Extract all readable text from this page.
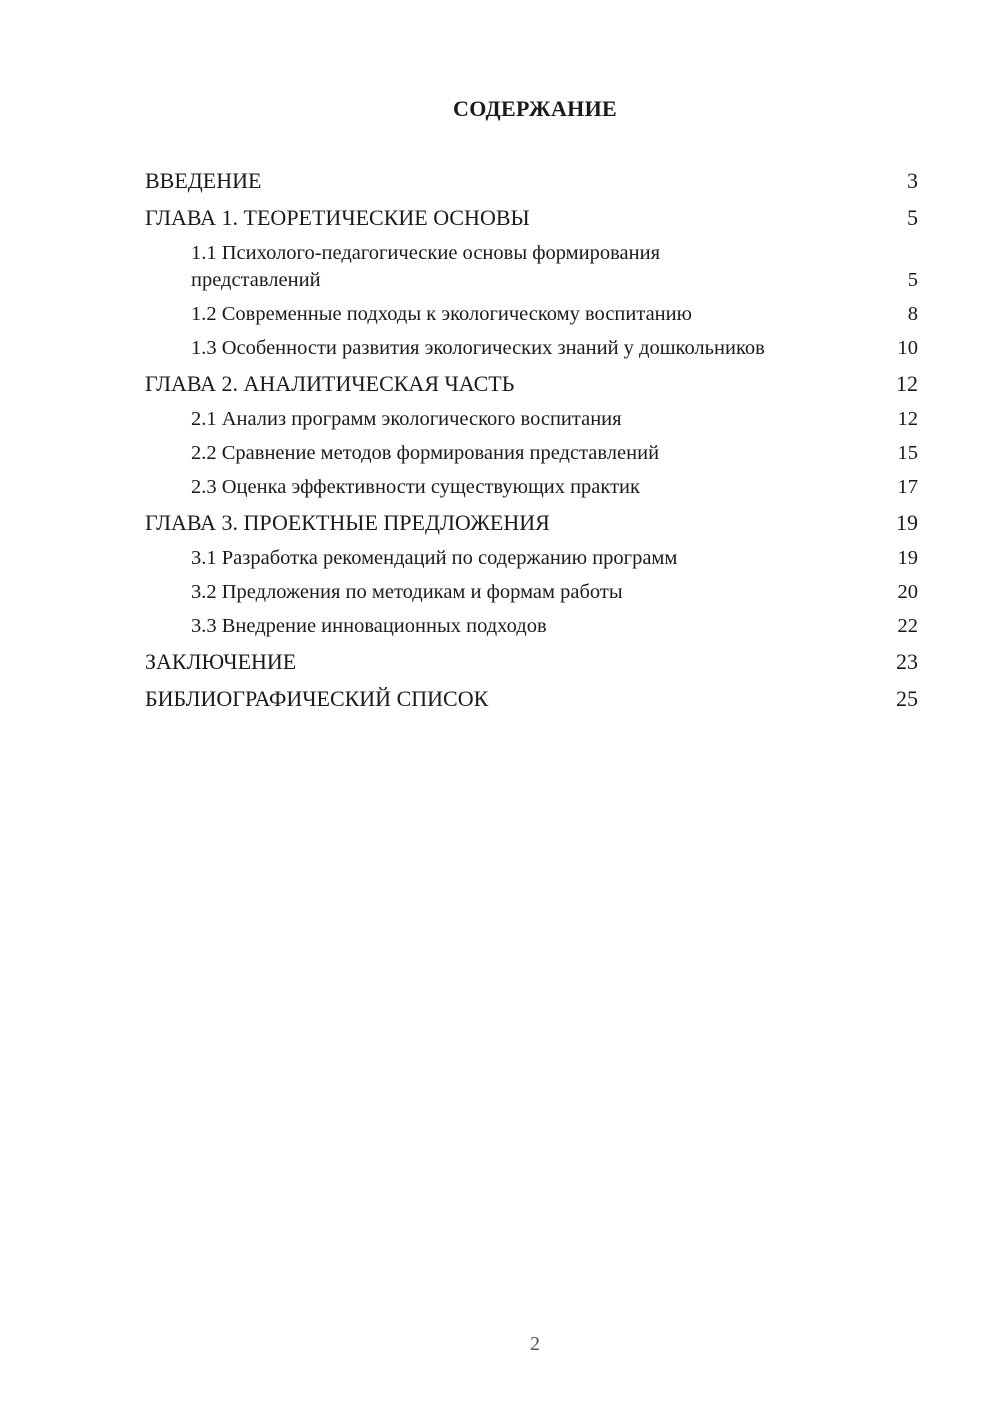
СОДЕРЖАНИЕ
ВВЕДЕНИЕ	3
ГЛАВА 1. ТЕОРЕТИЧЕСКИЕ ОСНОВЫ	5
1.1 Психолого-педагогические основы формирования представлений	5
1.2 Современные подходы к экологическому воспитанию	8
1.3 Особенности развития экологических знаний у дошкольников	10
ГЛАВА 2. АНАЛИТИЧЕСКАЯ ЧАСТЬ	12
2.1 Анализ программ экологического воспитания	12
2.2 Сравнение методов формирования представлений	15
2.3 Оценка эффективности существующих практик	17
ГЛАВА 3. ПРОЕКТНЫЕ ПРЕДЛОЖЕНИЯ	19
3.1 Разработка рекомендаций по содержанию программ	19
3.2 Предложения по методикам и формам работы	20
3.3 Внедрение инновационных подходов	22
ЗАКЛЮЧЕНИЕ	23
БИБЛИОГРАФИЧЕСКИЙ СПИСОК	25
2
